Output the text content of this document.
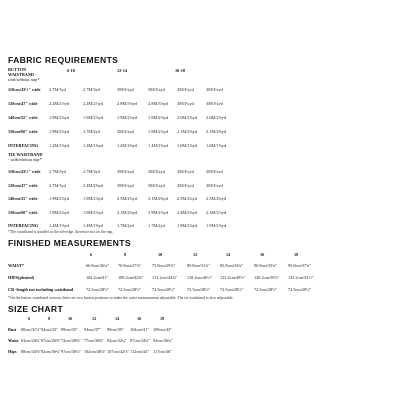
FABRIC REQUIREMENTS
BUTTON
WAISTBAND -
with/without nap*
6-10	12-14	16-18
110cm/43½" wide 2.7M/3yd	2.7M/3yd	3M/3¼yd	3M/3¼yd	3M/3¼yd	3M/3¼yd
120cm/47" wide	2.2M/2½yd	2.2M/2½yd	2.8M/3⅛yd	2.8M/3⅛yd 3M/3¼yd	3M/3¼yd
140cm/55" wide	1.9M/2⅛yd	1.9M/2⅛yd	1.9M/2⅛yd	1.9M/2⅛yd 2.6M/2⅞yd 2.6M/2⅞yd
150cm/60" wide	1.9M/2⅛yd	1.7M/2yd	2M/2¼yd	1.9M/2⅛yd 2.1M/2⅜yd 2.1M/2⅜yd
INTERFACING	1.2M/1⅜yd	1.2M/1⅜yd	1.4M/1⅝yd	1.4M/1⅝yd 1.6M/1⅞yd 1.6M/1⅞yd
TIE WAISTBAND
- with/without nap*
110cm/43½" wide 2.7M/3yd	2.7M/3yd	3M/3¼yd	3M/3¼yd	3M/3¼yd	3M/3¼yd
120cm/47" wide	2.7M/3yd	2.4M/2⅝yd	3M/3¼yd	3M/3¼yd	3M/3¼yd	3M/3¼yd
140cm/55" wide	1.9M/2⅛yd	1.9M/2⅛yd	2.5M/2¾yd	2.1M/2⅜yd 2.5M/2¾yd 2.5M/2¾yd
150cm/60" wide	1.9M/2⅛yd	1.9M/2⅛yd	2.1M/2⅜yd	1.9M/2⅛yd 2.4M/2⅝yd 2.3M/2½yd
INTERFACING	1.4M/1⅝yd	1.4M/1⅝yd	1.7M/2yd	1.7M/2yd	1.9M/2⅛yd 1.9M/2⅛yd
*The waistband is parallel to the selvedge, therefore not on the nap.
FINISHED MEASUREMENTS
6	8	10	12	14	16	18
WAIST*	66.8cm/26¼" 70.8cm/27⅞"	75.8cm/29⅞"	80.8cm/31¾" 85.8cm/33¾"	90.8cm/35¾"	95.8cm/37¾"
HIPS(pleated)	104.2cm/41" 108.2cm/42⅝" 113.2cm/44⅝" 118.2cm/46½" 123.2cm/48½" 128.2cm/50½" 133.2cm/52½"
CB -length not including waistband	72.5cm/28½" 72.5cm/28½"	72.5cm/28½"	72.5cm/28½" 72.5cm/28½"	72.5cm/28½"	72.5cm/28½"
*On the button waistband version, there are two button positions to make the waist measurement adjustable. The tie waistband is also adjustable.
SIZE CHART
6	8	10	12	14	16	18
Bust 80cm/31½" 84cm/33" 89cm/35" 94cm/37" 99cm/39" 104cm/41" 109cm/43"
Waist 63cm/24¾" 67cm/26⅜" 72cm/28⅜" 77cm/30⅜" 82cm/32¼" 87cm/34¼" 92cm/36¼"
Hips 88cm/34⅝" 92cm/36¼" 97cm/38⅛" 102cm/40⅛" 107cm/42⅛" 112cm/44" 117cm/46"
